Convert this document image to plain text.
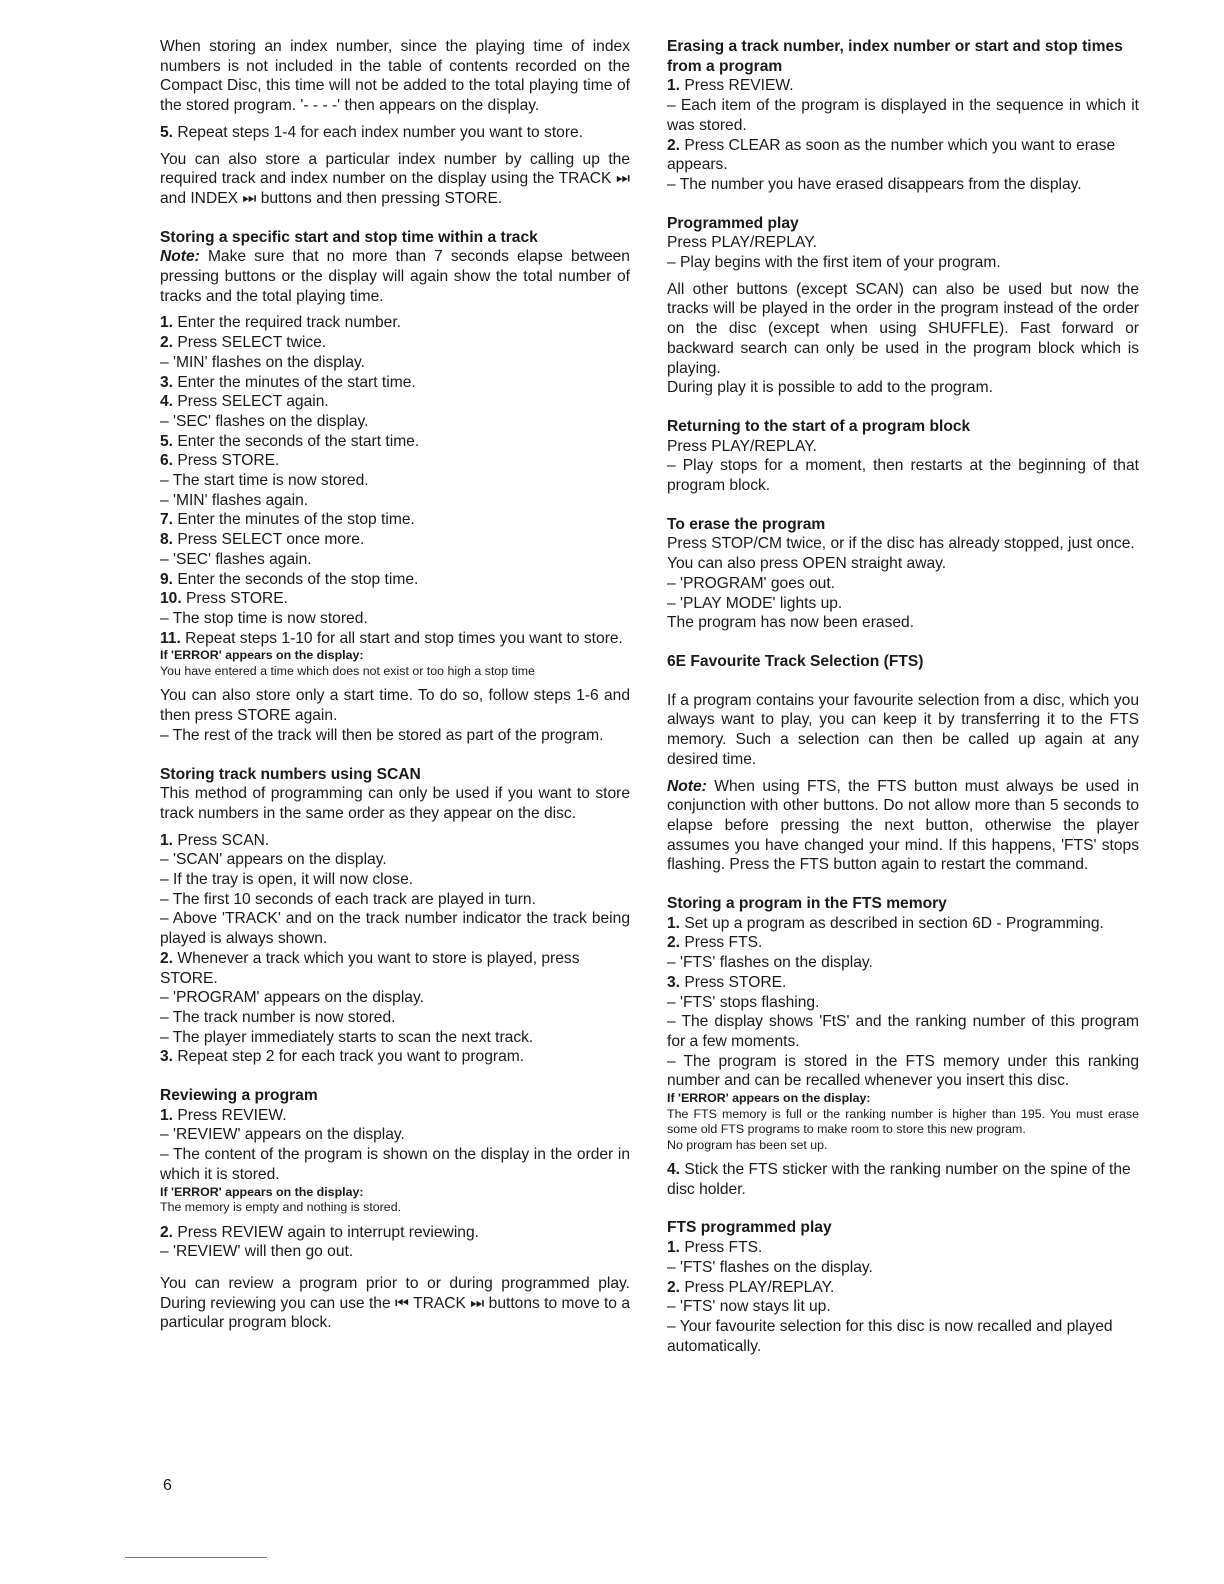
When storing an index number, since the playing time of index numbers is not included in the table of contents recorded on the Compact Disc, this time will not be added to the total playing time of the stored program. '- - - -' then appears on the display.

5. Repeat steps 1-4 for each index number you want to store.

You can also store a particular index number by calling up the required track and index number on the display using the TRACK ⏭ and INDEX ⏭ buttons and then pressing STORE.

Storing a specific start and stop time within a track

Note: Make sure that no more than 7 seconds elapse between pressing buttons or the display will again show the total number of tracks and the total playing time.

1. Enter the required track number.

2. Press SELECT twice.

– 'MIN' flashes on the display.

3. Enter the minutes of the start time.

4. Press SELECT again.

– 'SEC' flashes on the display.

5. Enter the seconds of the start time.

6. Press STORE.

– The start time is now stored.

– 'MIN' flashes again.

7. Enter the minutes of the stop time.

8. Press SELECT once more.

– 'SEC' flashes again.

9. Enter the seconds of the stop time.

10. Press STORE.

– The stop time is now stored.

11. Repeat steps 1-10 for all start and stop times you want to store.

If 'ERROR' appears on the display:

You have entered a time which does not exist or too high a stop time

You can also store only a start time. To do so, follow steps 1-6 and then press STORE again.

– The rest of the track will then be stored as part of the program.

Storing track numbers using SCAN

This method of programming can only be used if you want to store track numbers in the same order as they appear on the disc.

1. Press SCAN.

– 'SCAN' appears on the display.

– If the tray is open, it will now close.

– The first 10 seconds of each track are played in turn.

– Above 'TRACK' and on the track number indicator the track being played is always shown.

2. Whenever a track which you want to store is played, press STORE.

– 'PROGRAM' appears on the display.

– The track number is now stored.

– The player immediately starts to scan the next track.

3. Repeat step 2 for each track you want to program.

Reviewing a program

1. Press REVIEW.

– 'REVIEW' appears on the display.

– The content of the program is shown on the display in the order in which it is stored.

If 'ERROR' appears on the display:

The memory is empty and nothing is stored.

2. Press REVIEW again to interrupt reviewing.

– 'REVIEW' will then go out.

You can review a program prior to or during programmed play. During reviewing you can use the ⏮ TRACK ⏭ buttons to move to a particular program block.

Erasing a track number, index number or start and stop times from a program

1. Press REVIEW.

– Each item of the program is displayed in the sequence in which it was stored.

2. Press CLEAR as soon as the number which you want to erase appears.

– The number you have erased disappears from the display.

Programmed play

Press PLAY/REPLAY.

– Play begins with the first item of your program.

All other buttons (except SCAN) can also be used but now the tracks will be played in the order in the program instead of the order on the disc (except when using SHUFFLE). Fast forward or backward search can only be used in the program block which is playing.

During play it is possible to add to the program.

Returning to the start of a program block

Press PLAY/REPLAY.

– Play stops for a moment, then restarts at the beginning of that program block.

To erase the program

Press STOP/CM twice, or if the disc has already stopped, just once.

You can also press OPEN straight away.

– 'PROGRAM' goes out.

– 'PLAY MODE' lights up.

The program has now been erased.

6E Favourite Track Selection (FTS)

If a program contains your favourite selection from a disc, which you always want to play, you can keep it by transferring it to the FTS memory. Such a selection can then be called up again at any desired time.

Note: When using FTS, the FTS button must always be used in conjunction with other buttons. Do not allow more than 5 seconds to elapse before pressing the next button, otherwise the player assumes you have changed your mind. If this happens, 'FTS' stops flashing. Press the FTS button again to restart the command.

Storing a program in the FTS memory

1. Set up a program as described in section 6D - Programming.

2. Press FTS.

– 'FTS' flashes on the display.

3. Press STORE.

– 'FTS' stops flashing.

– The display shows 'FtS' and the ranking number of this program for a few moments.

– The program is stored in the FTS memory under this ranking number and can be recalled whenever you insert this disc.

If 'ERROR' appears on the display:

The FTS memory is full or the ranking number is higher than 195. You must erase some old FTS programs to make room to store this new program.

No program has been set up.

4. Stick the FTS sticker with the ranking number on the spine of the disc holder.

FTS programmed play

1. Press FTS.

– 'FTS' flashes on the display.

2. Press PLAY/REPLAY.

– 'FTS' now stays lit up.

– Your favourite selection for this disc is now recalled and played automatically.

6
